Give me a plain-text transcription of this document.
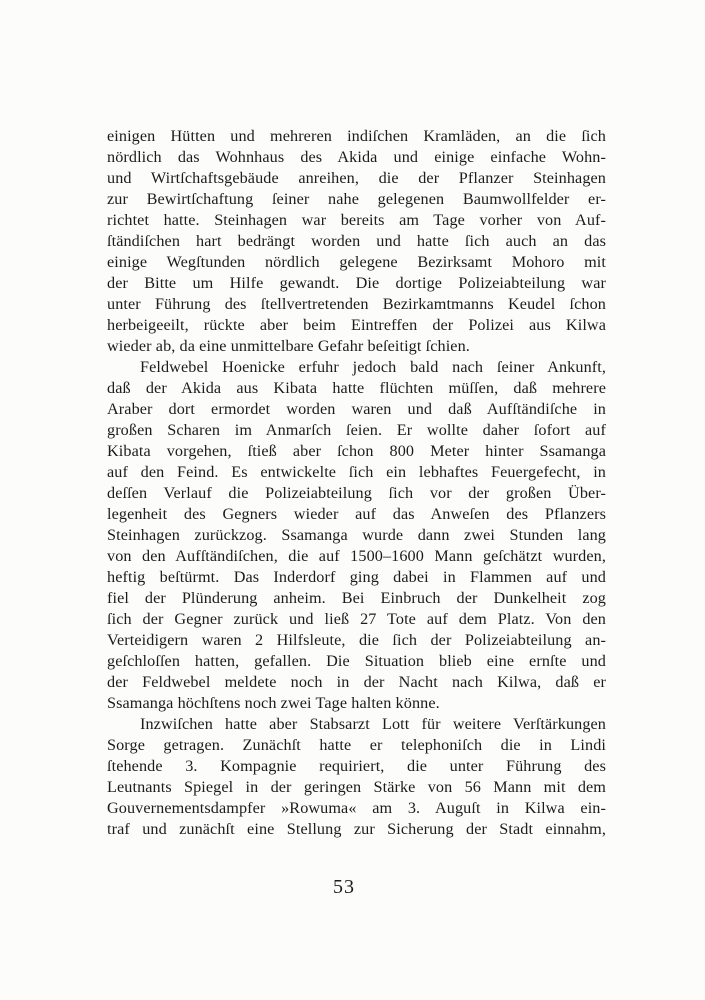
einigen Hütten und mehreren indiſchen Kramläden, an die ſich
nördlich das Wohnhaus des Akida und einige einfache Wohn-
und Wirtſchaftsgebäude anreihen, die der Pflanzer Steinhagen
zur Bewirtſchaftung ſeiner nahe gelegenen Baumwollfelder er-
richtet hatte. Steinhagen war bereits am Tage vorher von Auf-
ſtändiſchen hart bedrängt worden und hatte ſich auch an das
einige Wegſtunden nördlich gelegene Bezirksamt Mohoro mit
der Bitte um Hilfe gewandt. Die dortige Polizeiabteilung war
unter Führung des ſtellvertretenden Bezirkamtmanns Keudel ſchon
herbeigeeilt, rückte aber beim Eintreffen der Polizei aus Kilwa
wieder ab, da eine unmittelbare Gefahr beſeitigt ſchien.
Feldwebel Hoenicke erfuhr jedoch bald nach ſeiner Ankunft,
daß der Akida aus Kibata hatte flüchten müſſen, daß mehrere
Araber dort ermordet worden waren und daß Aufſtändiſche in
großen Scharen im Anmarſch ſeien. Er wollte daher ſofort auf
Kibata vorgehen, ſtieß aber ſchon 800 Meter hinter Ssamanga
auf den Feind. Es entwickelte ſich ein lebhaftes Feuergefecht, in
deſſen Verlauf die Polizeiabteilung ſich vor der großen Über-
legenheit des Gegners wieder auf das Anweſen des Pflanzers
Steinhagen zurückzog. Ssamanga wurde dann zwei Stunden lang
von den Aufſtändiſchen, die auf 1500–1600 Mann geſchätzt wurden,
heftig beſtürmt. Das Inderdorf ging dabei in Flammen auf und
fiel der Plünderung anheim. Bei Einbruch der Dunkelheit zog
ſich der Gegner zurück und ließ 27 Tote auf dem Platz. Von den
Verteidigern waren 2 Hilfsleute, die ſich der Polizeiabteilung an-
geſchloſſen hatten, gefallen. Die Situation blieb eine ernſte und
der Feldwebel meldete noch in der Nacht nach Kilwa, daß er
Ssamanga höchſtens noch zwei Tage halten könne.
Inzwiſchen hatte aber Stabsarzt Lott für weitere Verſtärkungen
Sorge getragen. Zunächſt hatte er telephoniſch die in Lindi
ſtehende 3. Kompagnie requiriert, die unter Führung des
Leutnants Spiegel in der geringen Stärke von 56 Mann mit dem
Gouvernementsdampfer »Rowuma« am 3. Auguſt in Kilwa ein-
traf und zunächſt eine Stellung zur Sicherung der Stadt einnahm,
53
